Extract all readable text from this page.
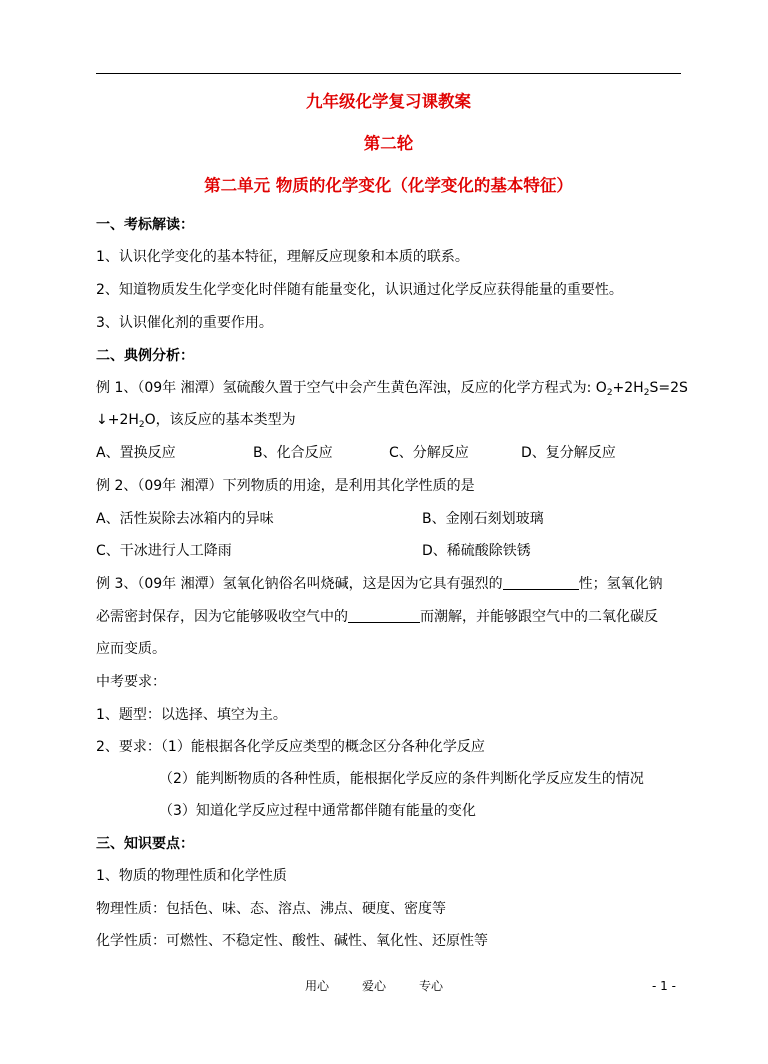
九年级化学复习课教案
第二轮
第二单元 物质的化学变化（化学变化的基本特征）
一、考标解读：
1、认识化学变化的基本特征，理解反应现象和本质的联系。
2、知道物质发生化学变化时伴随有能量变化，认识通过化学反应获得能量的重要性。
3、认识催化剂的重要作用。
二、典例分析：
例 1、（09年 湘潭）氢硫酸久置于空气中会产生黄色浑浊，反应的化学方程式为: $O_2+2H_2S=2S$
$↓+2H_2O$，该反应的基本类型为
A、置换反应	B、化合反应	C、分解反应	D、复分解反应
例 2、（09年 湘潭）下列物质的用途，是利用其化学性质的是
A、活性炭除去冰箱内的异味	B、金刚石刻划玻璃
C、干冰进行人工降雨	D、稀硫酸除铁锈
例 3、（09年 湘潭）氢氧化钠俗名叫烧碱，这是因为它具有强烈的	性；氢氧化钠
必需密封保存，因为它能够吸收空气中的	而潮解，并能够跟空气中的二氧化碳反
应而变质。
中考要求：
1、题型：以选择、填空为主。
2、要求：（1）能根据各化学反应类型的概念区分各种化学反应
（2）能判断物质的各种性质，能根据化学反应的条件判断化学反应发生的情况
（3）知道化学反应过程中通常都伴随有能量的变化
三、知识要点：
1、物质的物理性质和化学性质
物理性质：包括色、味、态、溶点、沸点、硬度、密度等
化学性质：可燃性、不稳定性、酸性、碱性、氧化性、还原性等
用心	爱心	专心	- 1 -
